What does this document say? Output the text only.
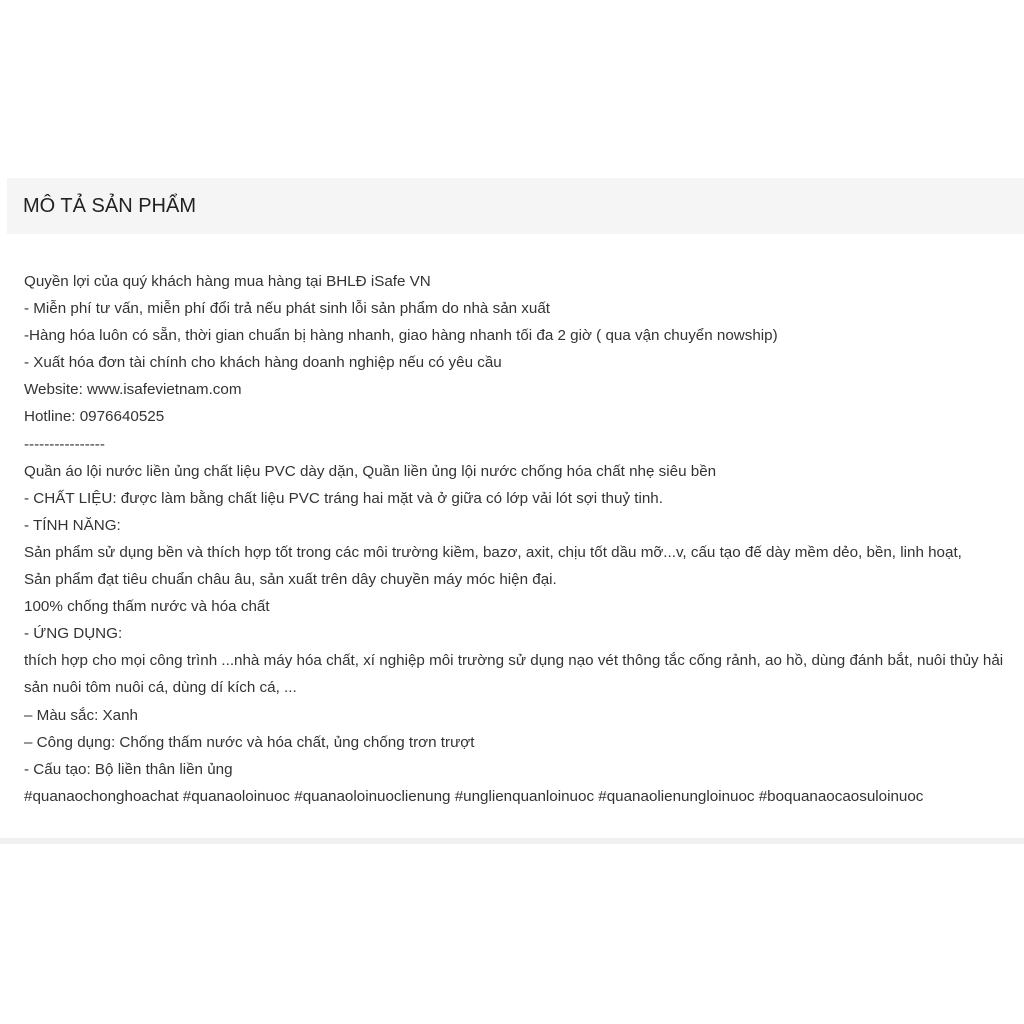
MÔ TẢ SẢN PHẨM
Quyền lợi của quý khách hàng mua hàng tại BHLĐ iSafe VN
- Miễn phí tư vấn, miễn phí đổi trả nếu phát sinh lỗi sản phẩm do nhà sản xuất
-Hàng hóa luôn có sẵn, thời gian chuẩn bị hàng nhanh, giao hàng nhanh tối đa 2 giờ ( qua vận chuyển nowship)
- Xuất hóa đơn tài chính cho khách hàng doanh nghiệp nếu có yêu cầu
Website: www.isafevietnam.com
Hotline: 0976640525
----------------
Quần áo lội nước liền ủng chất liệu PVC dày dặn, Quần liền ủng lội nước chống hóa chất nhẹ siêu bền
- CHẤT LIỆU: được làm bằng chất liệu PVC tráng hai mặt và ở giữa có lớp vải lót sợi thuỷ tinh.
- TÍNH NĂNG:
Sản phẩm sử dụng bền và thích hợp tốt trong các môi trường kiềm, bazơ, axit, chịu tốt dầu mỡ...v, cấu tạo đế dày mềm dẻo, bền, linh hoạt,
Sản phẩm đạt tiêu chuẩn châu âu, sản xuất trên dây chuyền máy móc hiện đại.
100% chống thấm nước và hóa chất
- ỨNG DỤNG:
thích hợp cho mọi công trình ...nhà máy hóa chất, xí nghiệp môi trường sử dụng nạo vét thông tắc cống rảnh, ao hồ, dùng đánh bắt, nuôi thủy hải sản nuôi tôm nuôi cá, dùng dí kích cá, ...
– Màu sắc: Xanh
– Công dụng: Chống thấm nước và hóa chất, ủng chống trơn trượt
- Cấu tạo: Bộ liền thân liền ủng
#quanaochonghoachat #quanaoloinuoc #quanaoloinuoclienung #unglienquanloinuoc #quanaolienungloinuoc #boquanaocaosuloinuoc
